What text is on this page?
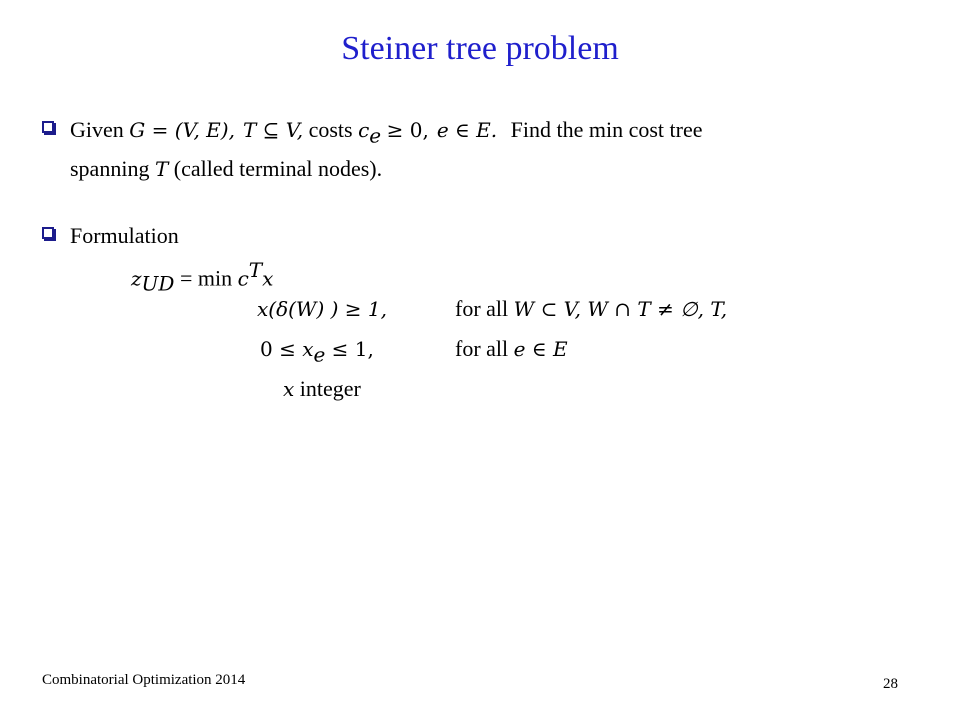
Steiner tree problem
Given G = (V, E), T ⊆ V, costs $c_e \ge 0$, e ∈ E. Find the min cost tree
spanning T (called terminal nodes).
Formulation
$z_{UD} = \min c^Tx$
x(δ(W) ) ≥ 1,	for all W ⊂ V, W ∩ T ≠ ∅, T,
$0 \le x_e \le 1$,	for all e ∈ E
x integer
Combinatorial Optimization 2014	28
